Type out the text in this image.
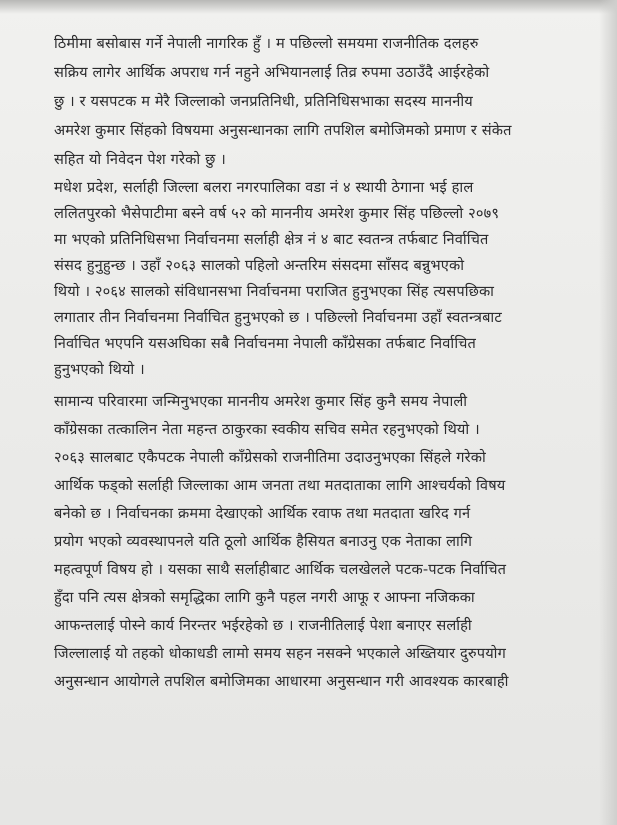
ठिमीमा बसोबास गर्ने नेपाली नागरिक हुँ । म पछिल्लो समयमा राजनीतिक दलहरु
सक्रिय लागेर आर्थिक अपराध गर्न नहुने अभियानलाई तिव्र रुपमा उठाउँदै आईरहेको
छु । र यसपटक म मेरै जिल्लाको जनप्रतिनिधी, प्रतिनिधिसभाका सदस्य माननीय
अमरेश कुमार सिंहको विषयमा अनुसन्धानका लागि तपशिल बमोजिमको प्रमाण र संकेत
सहित यो निवेदन पेश गरेको छु ।
मधेश प्रदेश, सर्लाही जिल्ला बलरा नगरपालिका वडा नं ४ स्थायी ठेगाना भई हाल
ललितपुरको भैसेपाटीमा बस्ने वर्ष ५२ को माननीय अमरेश कुमार सिंह पछिल्लो २०७९
मा भएको प्रतिनिधिसभा निर्वाचनमा सर्लाही क्षेत्र नं ४ बाट स्वतन्त्र तर्फबाट निर्वाचित
संसद हुनुहुन्छ । उहाँ २०६३ सालको पहिलो अन्तरिम संसदमा साँसद बन्नुभएको
थियो । २०६४ सालको संविधानसभा निर्वाचनमा पराजित हुनुभएका सिंह त्यसपछिका
लगातार तीन निर्वाचनमा निर्वाचित हुनुभएको छ । पछिल्लो निर्वाचनमा उहाँ स्वतन्त्रबाट
निर्वाचित भएपनि यसअघिका सबै निर्वाचनमा नेपाली काँग्रेसका तर्फबाट निर्वाचित
हुनुभएको थियो ।
सामान्य परिवारमा जन्मिनुभएका माननीय अमरेश कुमार सिंह कुनै समय नेपाली
काँग्रेसका तत्कालिन नेता महन्त ठाकुरका स्वकीय सचिव समेत रहनुभएको थियो ।
२०६३ सालबाट एकैपटक नेपाली काँग्रेसको राजनीतिमा उदाउनुभएका सिंहले गरेको
आर्थिक फड्को सर्लाही जिल्लाका आम जनता तथा मतदाताका लागि आश्चर्यको विषय
बनेको छ । निर्वाचनका क्रममा देखाएको आर्थिक रवाफ तथा मतदाता खरिद गर्न
प्रयोग भएको व्यवस्थापनले यति ठूलो आर्थिक हैसियत बनाउनु एक नेताका लागि
महत्वपूर्ण विषय हो । यसका साथै सर्लाहीबाट आर्थिक चलखेलले पटक-पटक निर्वाचित
हुँदा पनि त्यस क्षेत्रको समृद्धिका लागि कुनै पहल नगरी आफू र आफ्ना नजिकका
आफन्तलाई पोस्ने कार्य निरन्तर भईरहेको छ । राजनीतिलाई पेशा बनाएर सर्लाही
जिल्लालाई यो तहको धोकाधडी लामो समय सहन नसक्ने भएकाले अख्तियार दुरुपयोग
अनुसन्धान आयोगले तपशिल बमोजिमका आधारमा अनुसन्धान गरी आवश्यक कारबाही
